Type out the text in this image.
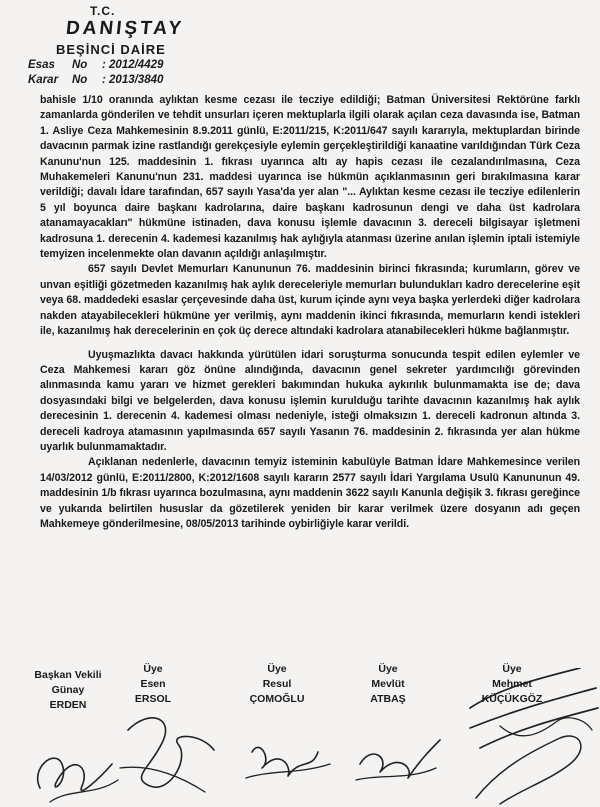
T.C.
DANIŞTAY
BEŞİNCİ DAİRE
Esas No : 2012/4429
Karar No : 2013/3840

bahisle 1/10 oranında aylıktan kesme cezası ile tecziye edildiği; Batman Üniversitesi Rektörüne farklı zamanlarda gönderilen ve tehdit unsurları içeren mektuplarla ilgili olarak açılan ceza davasında ise, Batman 1. Asliye Ceza Mahkemesinin 8.9.2011 günlü, E:2011/215, K:2011/647 sayılı kararıyla, mektuplardan birinde davacının parmak izine rastlandığı gerekçesiyle eylemin gerçekleştirildiği kanaatine varıldığından Türk Ceza Kanunu'nun 125. maddesinin 1. fıkrası uyarınca altı ay hapis cezası ile cezalandırılmasına, Ceza Muhakemeleri Kanunu'nun 231. maddesi uyarınca ise hükmün açıklanmasının geri bırakılmasına karar verildiği; davalı İdare tarafından, 657 sayılı Yasa'da yer alan "... Aylıktan kesme cezası ile tecziye edilenlerin 5 yıl boyunca daire başkanı kadrolarına, daire başkanı kadrosunun dengi ve daha üst kadrolara atanamayacakları" hükmüne istinaden, dava konusu işlemle davacının 3. dereceli bilgisayar işletmeni kadrosuna 1. derecenin 4. kademesi kazanılmış hak aylığıyla atanması üzerine anılan işlemin iptali istemiyle temyizen incelenmekte olan davanın açıldığı anlaşılmıştır.

657 sayılı Devlet Memurları Kanununun 76. maddesinin birinci fıkrasında; kurumların, görev ve unvan eşitliği gözetmeden kazanılmış hak aylık dereceleriyle memurları bulundukları kadro derecelerine eşit veya 68. maddedeki esaslar çerçevesinde daha üst, kurum içinde aynı veya başka yerlerdeki diğer kadrolara nakden atayabilecekleri hükmüne yer verilmiş, aynı maddenin ikinci fıkrasında, memurların kendi istekleri ile, kazanılmış hak derecelerinin en çok üç derece altındaki kadrolara atanabilecekleri hükme bağlanmıştır.

Uyuşmazlıkta davacı hakkında yürütülen idari soruşturma sonucunda tespit edilen eylemler ve Ceza Mahkemesi kararı göz önüne alındığında, davacının genel sekreter yardımcılığı görevinden alınmasında kamu yararı ve hizmet gerekleri bakımından hukuka aykırılık bulunmamakta ise de; dava dosyasındaki bilgi ve belgelerden, dava konusu işlemin kurulduğu tarihte davacının kazanılmış hak aylık derecesinin 1. derecenin 4. kademesi olması nedeniyle, isteği olmaksızın 1. dereceli kadronun altında 3. dereceli kadroya atamasının yapılmasında 657 sayılı Yasanın 76. maddesinin 2. fıkrasında yer alan hükme uyarlık bulunmamaktadır.

Açıklanan nedenlerle, davacının temyiz isteminin kabulüyle Batman İdare Mahkemesince verilen 14/03/2012 günlü, E:2011/2800, K:2012/1608 sayılı kararın 2577 sayılı İdari Yargılama Usulü Kanununun 49. maddesinin 1/b fıkrası uyarınca bozulmasına, aynı maddenin 3622 sayılı Kanunla değişik 3. fıkrası gereğince ve yukarıda belirtilen hususlar da gözetilerek yeniden bir karar verilmek üzere dosyanın adı geçen Mahkemeye gönderilmesine, 08/05/2013 tarihinde oybirliğiyle karar verildi.

Başkan Vekili
Günay
ERDEN
Üye
Esen
ERSOL
Üye
Resul
ÇOMOĞLU
Üye
Mevlüt
ATBAŞ
Üye
Mehmet
KÜÇÜKGÖZ
